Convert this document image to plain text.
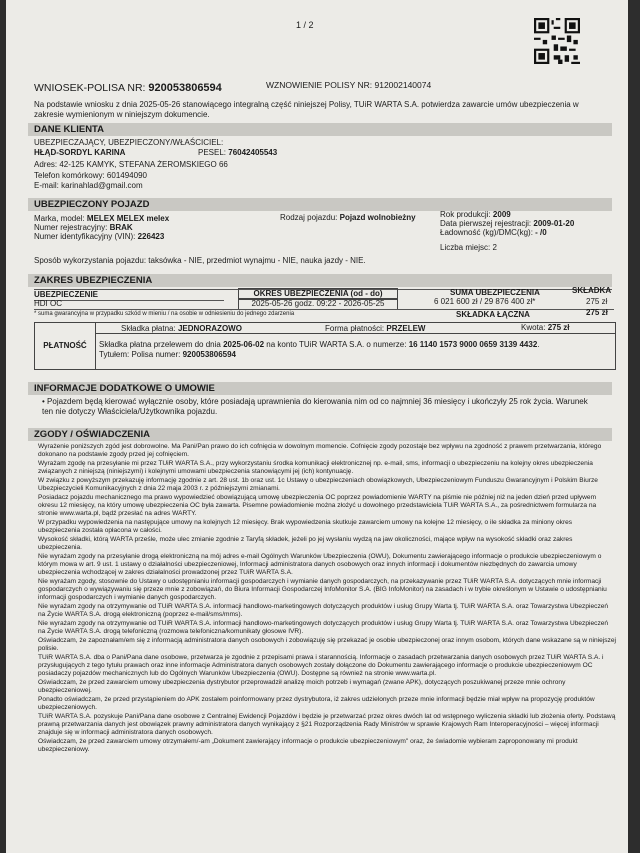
1 / 2
WNIOSEK-POLISA NR: 920053806594	WZNOWIENIE POLISY NR: 912002140074
Na podstawie wniosku z dnia 2025-05-26 stanowiącego integralną część niniejszej Polisy, TUiR WARTA S.A. potwierdza zawarcie umów ubezpieczenia w zakresie wymienionym w niniejszym dokumencie.
DANE KLIENTA
UBEZPIECZAJĄCY, UBEZPIECZONY/WŁAŚCICIEL:
HŁĄD-SORDYL KARINA	PESEL: 76042405543
Adres: 42-125 KAMYK, STEFANA ŻEROMSKIEGO 66
Telefon komórkowy: 601494090
E-mail: karinahlad@gmail.com
UBEZPIECZONY POJAZD
Marka, model: MELEX MELEX melex
Numer rejestracyjny: BRAK
Numer identyfikacyjny (VIN): 226423
Rodzaj pojazdu: Pojazd wolnobieżny	Rok produkcji: 2009
Data pierwszej rejestracji: 2009-01-20
Ładowność (kg)/DMC(kg): - /0
Liczba miejsc: 2
Sposób wykorzystania pojazdu: taksówka - NIE, przedmiot wynajmu - NIE, nauka jazdy - NIE.
ZAKRES UBEZPIECZENIA
UBEZPIECZENIE	OKRES UBEZPIECZENIA (od - do)	SUMA UBEZPIECZENIA	SKŁADKA
HDI OC	2025-05-26 godz. 09:22 - 2026-05-25	6 021 600 zł / 29 876 400 zł*	275 zł
* suma gwarancyjna w przypadku szkód w mieniu / na osobie w odniesieniu do jednego zdarzenia	SKŁADKA ŁĄCZNA	275 zł
PŁATNOŚĆ
Składka płatna: JEDNORAZOWO	Forma płatności: PRZELEW	Kwota: 275 zł
Składka płatna przelewem do dnia 2025-06-02 na konto TUiR WARTA S.A. o numerze: 16 1140 1573 9000 0659 3139 4432.
Tytułem: Polisa numer: 920053806594
INFORMACJE DODATKOWE O UMOWIE
• Pojazdem będą kierować wyłącznie osoby, które posiadają uprawnienia do kierowania nim od co najmniej 36 miesięcy i ukończyły 25 rok życia. Warunek ten nie dotyczy Właściciela/Użytkownika pojazdu.
ZGODY / OŚWIADCZENIA

Wyrażenie poniższych zgód jest dobrowolne. Ma Pani/Pan prawo do ich cofnięcia w dowolnym momencie. Cofnięcie zgody pozostaje bez wpływu na zgodność z prawem przetwarzania, którego dokonano na podstawie zgody przed jej cofnięciem.

Wyrażam zgodę na przesyłanie mi przez TUiR WARTA S.A., przy wykorzystaniu środka komunikacji elektronicznej np. e-mail, sms, informacji o ubezpieczeniu na kolejny okres ubezpieczenia związanych z niniejszą (niniejszymi) i kolejnymi umowami ubezpieczenia stanowiącymi jej (ich) kontynuację.

W związku z powyższym przekazuję informację zgodnie z art. 28 ust. 1b oraz ust. 1c Ustawy o ubezpieczeniach obowiązkowych, Ubezpieczeniowym Funduszu Gwarancyjnym i Polskim Biurze Ubezpieczycieli Komunikacyjnych z dnia 22 maja 2003 r. z późniejszymi zmianami.

Posiadacz pojazdu mechanicznego ma prawo wypowiedzieć obowiązującą umowę ubezpieczenia OC poprzez powiadomienie WARTY na piśmie nie później niż na jeden dzień przed upływem okresu 12 miesięcy, na który umowę ubezpieczenia OC była zawarta. Pisemne powiadomienie można złożyć u dowolnego przedstawiciela TUiR WARTA S.A., za pośrednictwem formularza na stronie www.warta.pl, bądź przesłać na adres WARTY.

W przypadku wypowiedzenia na następujące umowy na kolejnych 12 miesięcy. Brak wypowiedzenia skutkuje zawarciem umowy na kolejne 12 miesięcy, o ile składka za miniony okres ubezpieczenia została opłacona w całości.

Wysokość składki, którą WARTA prześle, może ulec zmianie zgodnie z Taryfą składek, jeżeli po jej wysłaniu wydzą na jaw okoliczności, mające wpływ na wysokość składki oraz zakres ubezpieczenia.

Nie wyrażam zgody na przesyłanie drogą elektroniczną na mój adres e-mail Ogólnych Warunków Ubezpieczenia (OWU), Dokumentu zawierającego informacje o produkcie ubezpieczeniowym o którym mowa w art. 9 ust. 1 ustawy o działalności ubezpieczeniowej, Informacji administratora danych osobowych oraz innych informacji i dokumentów niezbędnych do zawarcia umowy ubezpieczenia wchodzącej w zakres działalności prowadzonej przez TUiR WARTA S.A.

Nie wyrażam zgody, stosownie do Ustawy o udostępnianiu informacji gospodarczych i wymianie danych gospodarczych, na przekazywanie przez TUiR WARTA S.A. dotyczących mnie informacji gospodarczych o wywiązywaniu się przeze mnie z zobowiązań, do Biura Informacji Gospodarczej InfoMonitor S.A. (BIG InfoMonitor) na zasadach i w trybie określonym w Ustawie o udostępnianiu informacji gospodarczych i wymianie danych gospodarczych.

Nie wyrażam zgody na otrzymywanie od TUiR WARTA S.A. informacji handlowo-marketingowych dotyczących produktów i usług Grupy Warta tj. TUiR WARTA S.A. oraz Towarzystwa Ubezpieczeń na Życie WARTA S.A. drogą elektroniczną (poprzez e-mail/sms/mms).

Nie wyrażam zgody na otrzymywanie od TUiR WARTA S.A. informacji handlowo-marketingowych dotyczących produktów i usług Grupy Warta tj. TUiR WARTA S.A. oraz Towarzystwa Ubezpieczeń na Życie WARTA S.A. drogą telefoniczną (rozmowa telefoniczna/komunikaty głosowe IVR).

Oświadczam, że zapoznałam/em się z informacją administratora danych osobowych i zobowiązuję się przekazać je osobie ubezpieczonej oraz innym osobom, których dane wskazane są w niniejszej polisie.

TUiR WARTA S.A. dba o Pani/Pana dane osobowe, przetwarza je zgodnie z przepisami prawa i starannością. Informacje o zasadach przetwarzania danych osobowych przez TUiR WARTA S.A. i przysługujących z tego tytułu prawach oraz inne informacje Administratora danych osobowych zostały dołączone do Dokumentu zawierającego informacje o produkcie ubezpieczeniowym OC posiadaczy pojazdów mechanicznych lub do Ogólnych Warunków Ubezpieczenia (OWU). Dostępne są również na stronie www.warta.pl.

Oświadczam, że przed zawarciem umowy ubezpieczenia dystrybutor przeprowadził analizę moich potrzeb i wymagań (zwane APK), dotyczących poszukiwanej przeze mnie ochrony ubezpieczeniowej.

Ponadto oświadczam, że przed przystąpieniem do APK zostałem poinformowany przez dystrybutora, iż zakres udzielonych przeze mnie informacji będzie miał wpływ na propozycję produktów ubezpieczeniowych.

TUiR WARTA S.A. pozyskuje Pani/Pana dane osobowe z Centralnej Ewidencji Pojazdów i będzie je przetwarzać przez okres dwóch lat od wstępnego wyliczenia składki lub złożenia oferty. Podstawą prawną przetwarzania danych jest obowiązek prawny administratora danych wynikający z §21 Rozporządzenia Rady Ministrów w sprawie Krajowych Ram Interoperacyjności – więcej informacji znajduje się w informacji administratora danych osobowych.

Oświadczam, że przed zawarciem umowy otrzymałem/-am „Dokument zawierający informacje o produkcie ubezpieczeniowym" oraz, że świadomie wybieram zaproponowany mi produkt ubezpieczeniowy.
